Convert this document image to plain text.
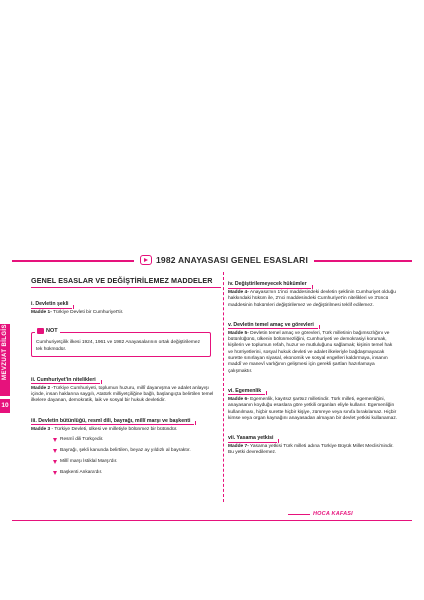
1982 ANAYASASI GENEL ESASLARI
MEVZUAT BİLGİSİ
10
GENEL ESASLAR VE DEĞİŞTİRİLEMEZ MADDELER
i. Devletin şekli

Madde 1- Türkiye Devleti bir Cumhuriyet'tir.

NOT

Cumhuriyetçilik ilkesi 1924, 1961 ve 1982 Anayasalarının ortak değiştirilemez tek hükmüdür.

ii. Cumhuriyet'in nitelikleri

Madde 2 -Türkiye Cumhuriyeti, toplumun huzuru, millî dayanışma ve adalet anlayışı içinde, insan haklarına saygılı, Atatürk milliyetçiliğine bağlı, başlangıçta belirtilen temel ilkelere dayanan, demokratik, laik ve sosyal bir hukuk devletidir.

iii. Devletin bütünlüğü, resmî dili, bayrağı, millî marşı ve başkenti

Madde 3 - Türkiye Devleti, ülkesi ve milletiyle bölünmez bir bütündür.

Resmî dili Türkçedir.
Bayrağı, şekli kanunda belirtilen, beyaz ay yıldızlı al bayraktır.
Millî marşı İstiklal Marşı'dır.
Başkenti Ankara'dır.
iv. Değiştirilemeyecek hükümler

Madde 4- Anayasa'nın 1'inci maddesindeki devletin şeklinin Cumhuriyet olduğu hakkındaki hüküm ile, 2'nci maddesindeki Cumhuriyet'in nitelikleri ve 3'üncü maddesinin hükümleri değiştirilemez ve değiştirilmesi teklif edilemez.

v. Devletin temel amaç ve görevleri

Madde 5- Devletin temel amaç ve görevleri, Türk milletinin bağımsızlığını ve bütünlüğünü, ülkenin bölünmezliğini, Cumhuriyeti ve demokrasiyi korumak, kişilerin ve toplumun refah, huzur ve mutluluğunu sağlamak; kişinin temel hak ve hürriyetlerini, sosyal hukuk devleti ve adalet ilkeleriyle bağdaşmayacak surette sınırlayan siyasal, ekonomik ve sosyal engelleri kaldırmaya, insanın maddî ve manevî varlığının gelişmesi için gerekli şartları hazırlamaya çalışmaktır.

vi. Egemenlik

Madde 6- Egemenlik, kayıtsız şartsız milletindir. Türk milleti, egemenliğini, anayasanın koyduğu esaslara göre yetkili organları eliyle kullanır. Egemenliğin kullanılması, hiçbir surette hiçbir kişiye, zümreye veya sınıfa bırakılamaz. Hiçbir kimse veya organ kaynağını anayasadan almayan bir devlet yetkisi kullanamaz.

vii. Yasama yetkisi

Madde 7- Yasama yetkisi Türk milleti adına Türkiye Büyük Millet Meclisi'nindir. Bu yetki devredilemez.

HOCA KAFASI
